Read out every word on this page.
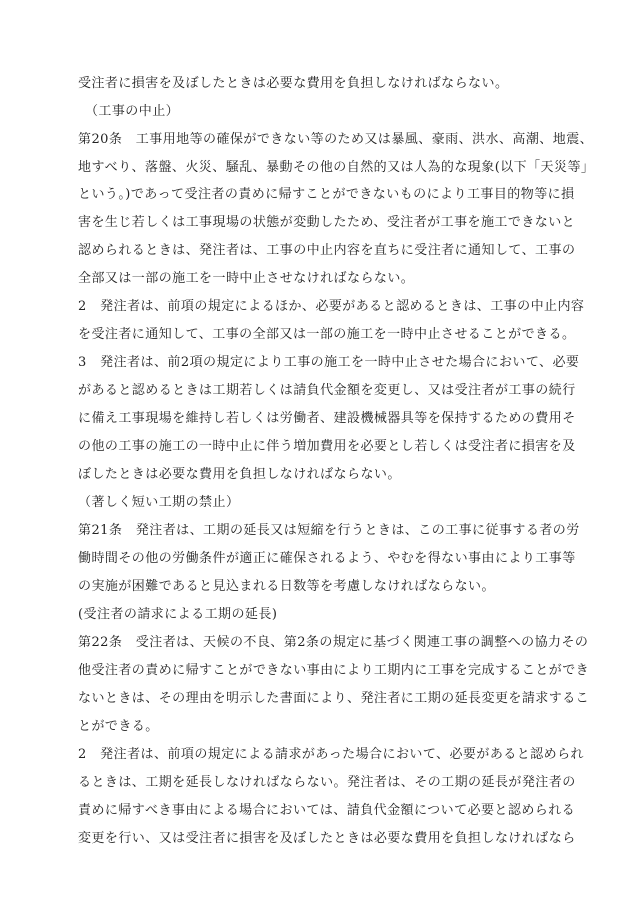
受注者に損害を及ぼしたときは必要な費用を負担しなければならない。

　（工事の中止）

第20条　工事用地等の確保ができない等のため又は暴風、豪雨、洪水、高潮、地震、

地すべり、落盤、火災、騒乱、暴動その他の自然的又は人為的な現象(以下「天災等」

という。)であって受注者の責めに帰すことができないものにより工事目的物等に損

害を生じ若しくは工事現場の状態が変動したため、受注者が工事を施工できないと

認められるときは、発注者は、工事の中止内容を直ちに受注者に通知して、工事の

全部又は一部の施工を一時中止させなければならない。

2　発注者は、前項の規定によるほか、必要があると認めるときは、工事の中止内容

を受注者に通知して、工事の全部又は一部の施工を一時中止させることができる。

3　発注者は、前2項の規定により工事の施工を一時中止させた場合において、必要

があると認めるときは工期若しくは請負代金額を変更し、又は受注者が工事の続行

に備え工事現場を維持し若しくは労働者、建設機械器具等を保持するための費用そ

の他の工事の施工の一時中止に伴う増加費用を必要とし若しくは受注者に損害を及

ぼしたときは必要な費用を負担しなければならない。

（著しく短い工期の禁止）

第21条　発注者は、工期の延長又は短縮を行うときは、この工事に従事する者の労

働時間その他の労働条件が適正に確保されるよう、やむを得ない事由により工事等

の実施が困難であると見込まれる日数等を考慮しなければならない。

(受注者の請求による工期の延長)

第22条　受注者は、天候の不良、第2条の規定に基づく関連工事の調整への協力その

他受注者の責めに帰すことができない事由により工期内に工事を完成することができ

ないときは、その理由を明示した書面により、発注者に工期の延長変更を請求するこ

とができる。

2　発注者は、前項の規定による請求があった場合において、必要があると認められ

るときは、工期を延長しなければならない。発注者は、その工期の延長が発注者の

責めに帰すべき事由による場合においては、請負代金額について必要と認められる

変更を行い、又は受注者に損害を及ぼしたときは必要な費用を負担しなければなら
